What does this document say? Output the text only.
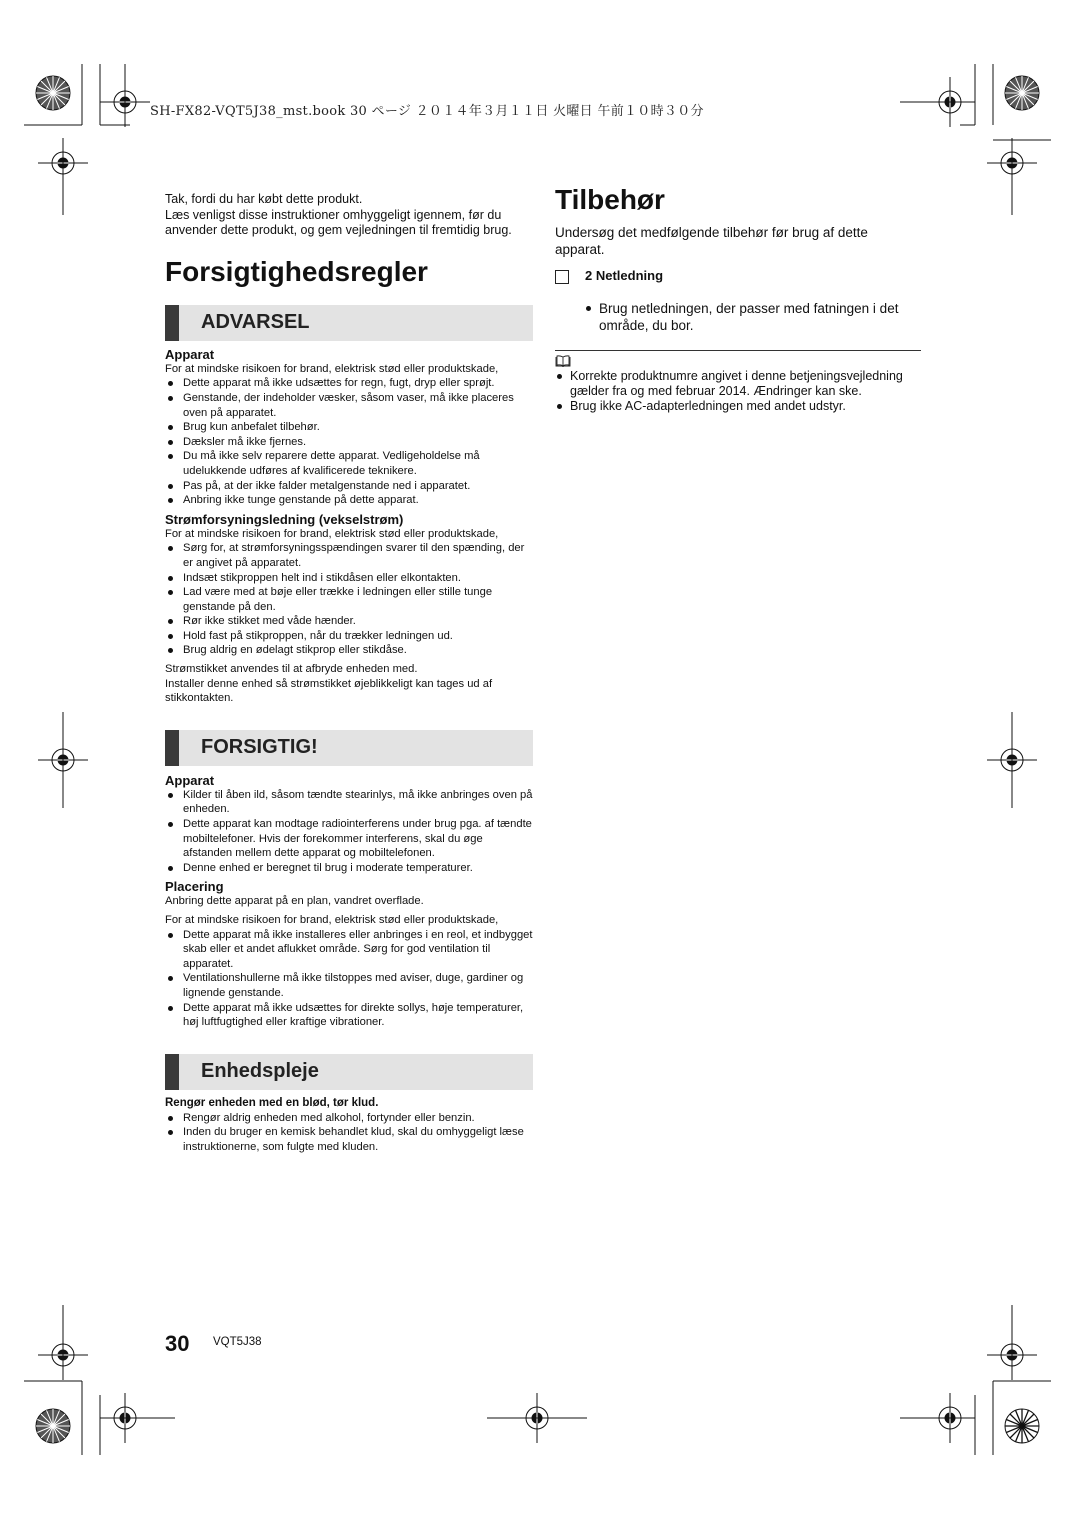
SH-FX82-VQT5J38_mst.book 30 ページ ２０１４年３月１１日 火曜日 午前１０時３０分

Tak, fordi du har købt dette produkt.

Læs venligst disse instruktioner omhyggeligt igennem, før du anvender dette produkt, og gem vejledningen til fremtidig brug.

Forsigtighedsregler
ADVARSEL

Apparat

For at mindske risikoen for brand, elektrisk stød eller produktskade,

Dette apparat må ikke udsættes for regn, fugt, dryp eller sprøjt.
Genstande, der indeholder væsker, såsom vaser, må ikke placeres oven på apparatet.
Brug kun anbefalet tilbehør.
Dæksler må ikke fjernes.
Du må ikke selv reparere dette apparat. Vedligeholdelse må udelukkende udføres af kvalificerede teknikere.
Pas på, at der ikke falder metalgenstande ned i apparatet.
Anbring ikke tunge genstande på dette apparat.

Strømforsyningsledning (vekselstrøm)

For at mindske risikoen for brand, elektrisk stød eller produktskade,

Sørg for, at strømforsyningsspændingen svarer til den spænding, der er angivet på apparatet.
Indsæt stikproppen helt ind i stikdåsen eller elkontakten.
Lad være med at bøje eller trække i ledningen eller stille tunge genstande på den.
Rør ikke stikket med våde hænder.
Hold fast på stikproppen, når du trækker ledningen ud.
Brug aldrig en ødelagt stikprop eller stikdåse.

Strømstikket anvendes til at afbryde enheden med.

Installer denne enhed så strømstikket øjeblikkeligt kan tages ud af stikkontakten.

FORSIGTIG!

Apparat

Kilder til åben ild, såsom tændte stearinlys, må ikke anbringes oven på enheden.
Dette apparat kan modtage radiointerferens under brug pga. af tændte mobiltelefoner. Hvis der forekommer interferens, skal du øge afstanden mellem dette apparat og mobiltelefonen.
Denne enhed er beregnet til brug i moderate temperaturer.

Placering

Anbring dette apparat på en plan, vandret overflade.

For at mindske risikoen for brand, elektrisk stød eller produktskade,

Dette apparat må ikke installeres eller anbringes i en reol, et indbygget skab eller et andet aflukket område. Sørg for god ventilation til apparatet.
Ventilationshullerne må ikke tilstoppes med aviser, duge, gardiner og lignende genstande.
Dette apparat må ikke udsættes for direkte sollys, høje temperaturer, høj luftfugtighed eller kraftige vibrationer.
Enhedspleje

Rengør enheden med en blød, tør klud.

Rengør aldrig enheden med alkohol, fortynder eller benzin.
Inden du bruger en kemisk behandlet klud, skal du omhyggeligt læse instruktionerne, som fulgte med kluden.
Tilbehør

Undersøg det medfølgende tilbehør før brug af dette apparat.

2 Netledning
Brug netledningen, der passer med fatningen i det område, du bor.
Korrekte produktnumre angivet i denne betjeningsvejledning gælder fra og med februar 2014. Ændringer kan ske.
Brug ikke AC-adapterledningen med andet udstyr.
30 VQT5J38
